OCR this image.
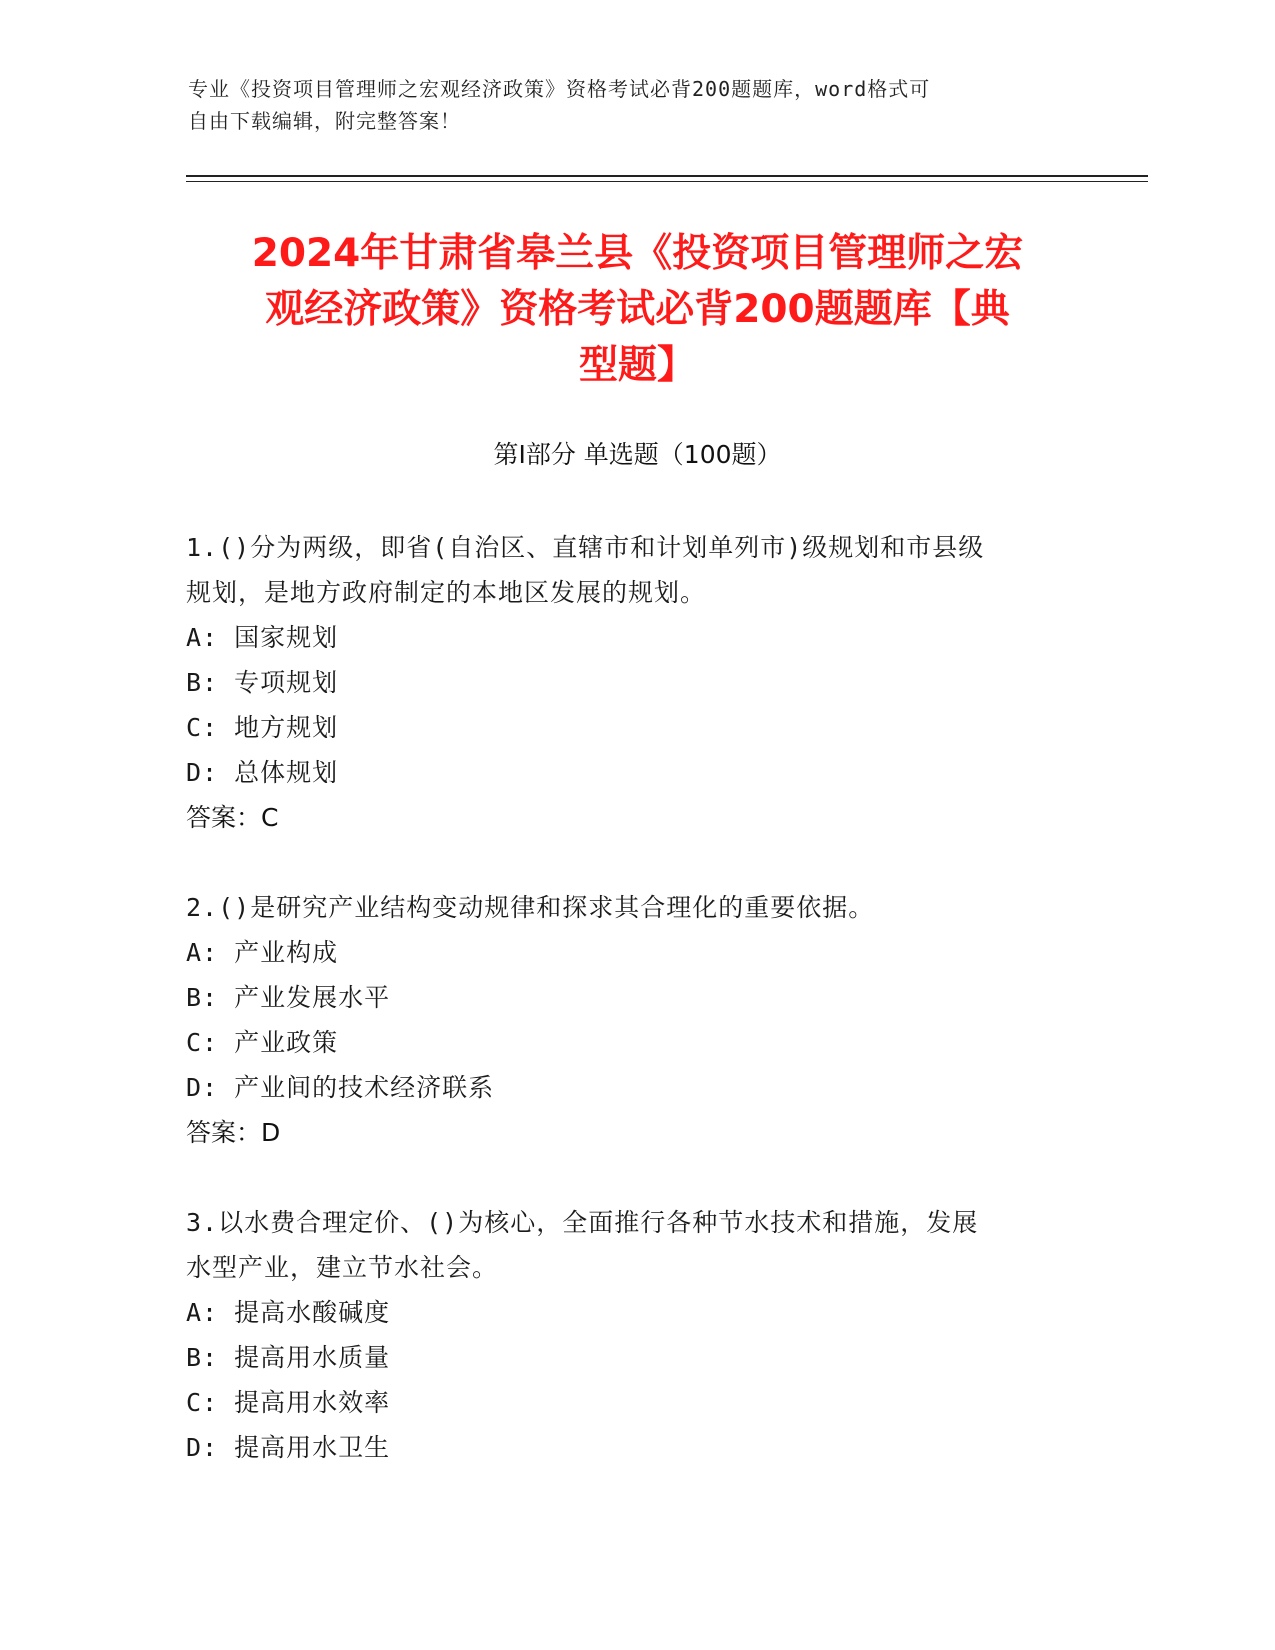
专业《投资项目管理师之宏观经济政策》资格考试必背200题题库，word格式可
自由下载编辑，附完整答案！
2024年甘肃省皋兰县《投资项目管理师之宏
观经济政策》资格考试必背200题题库【典
型题】
第Ⅰ部分 单选题（100题）
1.()分为两级，即省(自治区、直辖市和计划单列市)级规划和市县级
规划，是地方政府制定的本地区发展的规划。
A: 国家规划
B: 专项规划
C: 地方规划
D: 总体规划
答案：C
2.()是研究产业结构变动规律和探求其合理化的重要依据。
A: 产业构成
B: 产业发展水平
C: 产业政策
D: 产业间的技术经济联系
答案：D
3.以水费合理定价、()为核心，全面推行各种节水技术和措施，发展
水型产业，建立节水社会。
A: 提高水酸碱度
B: 提高用水质量
C: 提高用水效率
D: 提高用水卫生
